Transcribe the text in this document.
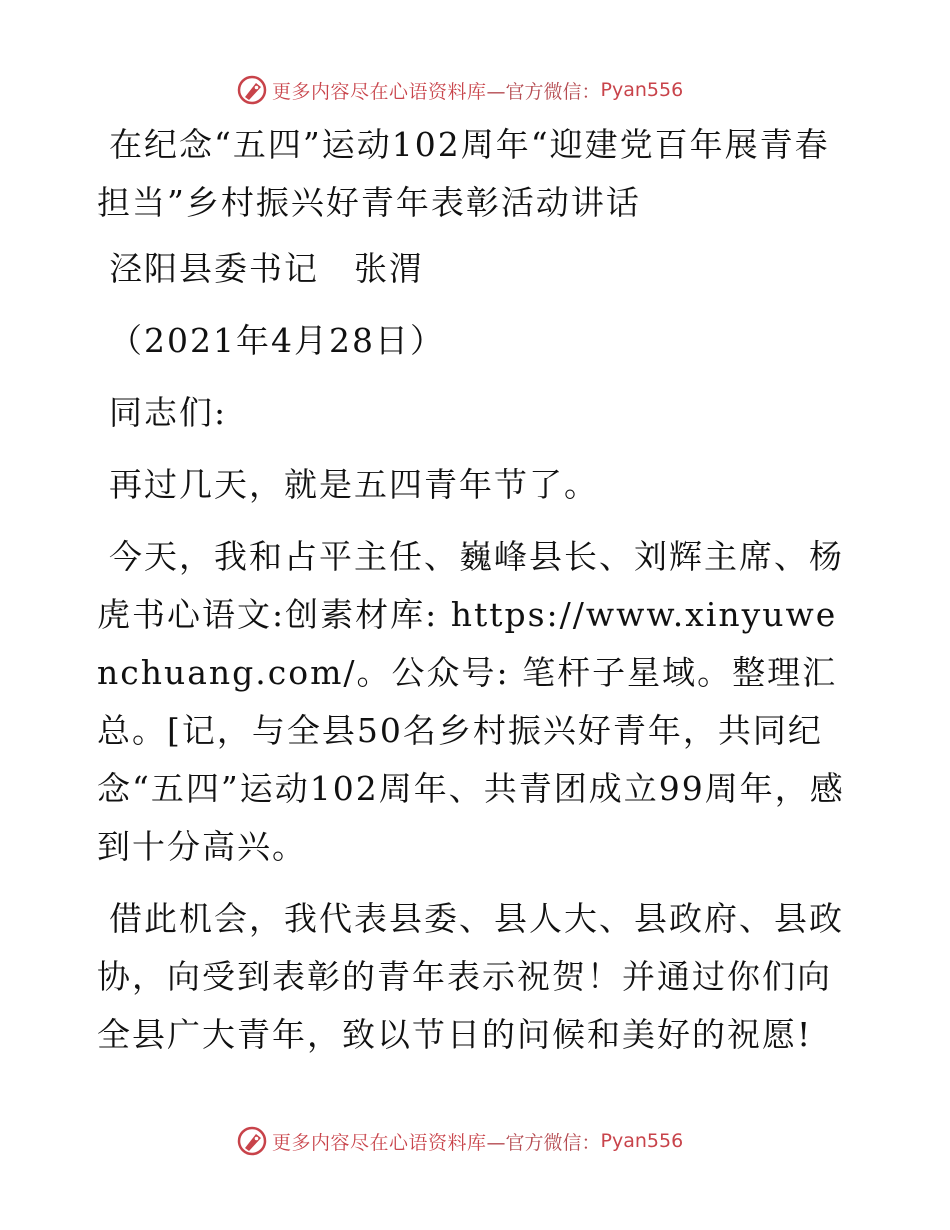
更多内容尽在心语资料库 —官方微信： Pyan556

在纪念“五四”运动102周年“迎建党百年展青春担当”乡村振兴好青年表彰活动讲话

泾阳县委书记　张渭

（2021年4月28日）

同志们:

再过几天，就是五四青年节了。

今天，我和占平主任、巍峰县长、刘辉主席、杨虎书心语文:创素材库: https://www.xinyuwenchuang.com/。公众号: 笔杆子星域。整理汇总。[记，与全县50名乡村振兴好青年，共同纪念“五四”运动102周年、共青团成立99周年，感到十分高兴。

借此机会，我代表县委、县人大、县政府、县政协，向受到表彰的青年表示祝贺！并通过你们向全县广大青年，致以节日的问候和美好的祝愿!

更多内容尽在心语资料库 —官方微信： Pyan556
